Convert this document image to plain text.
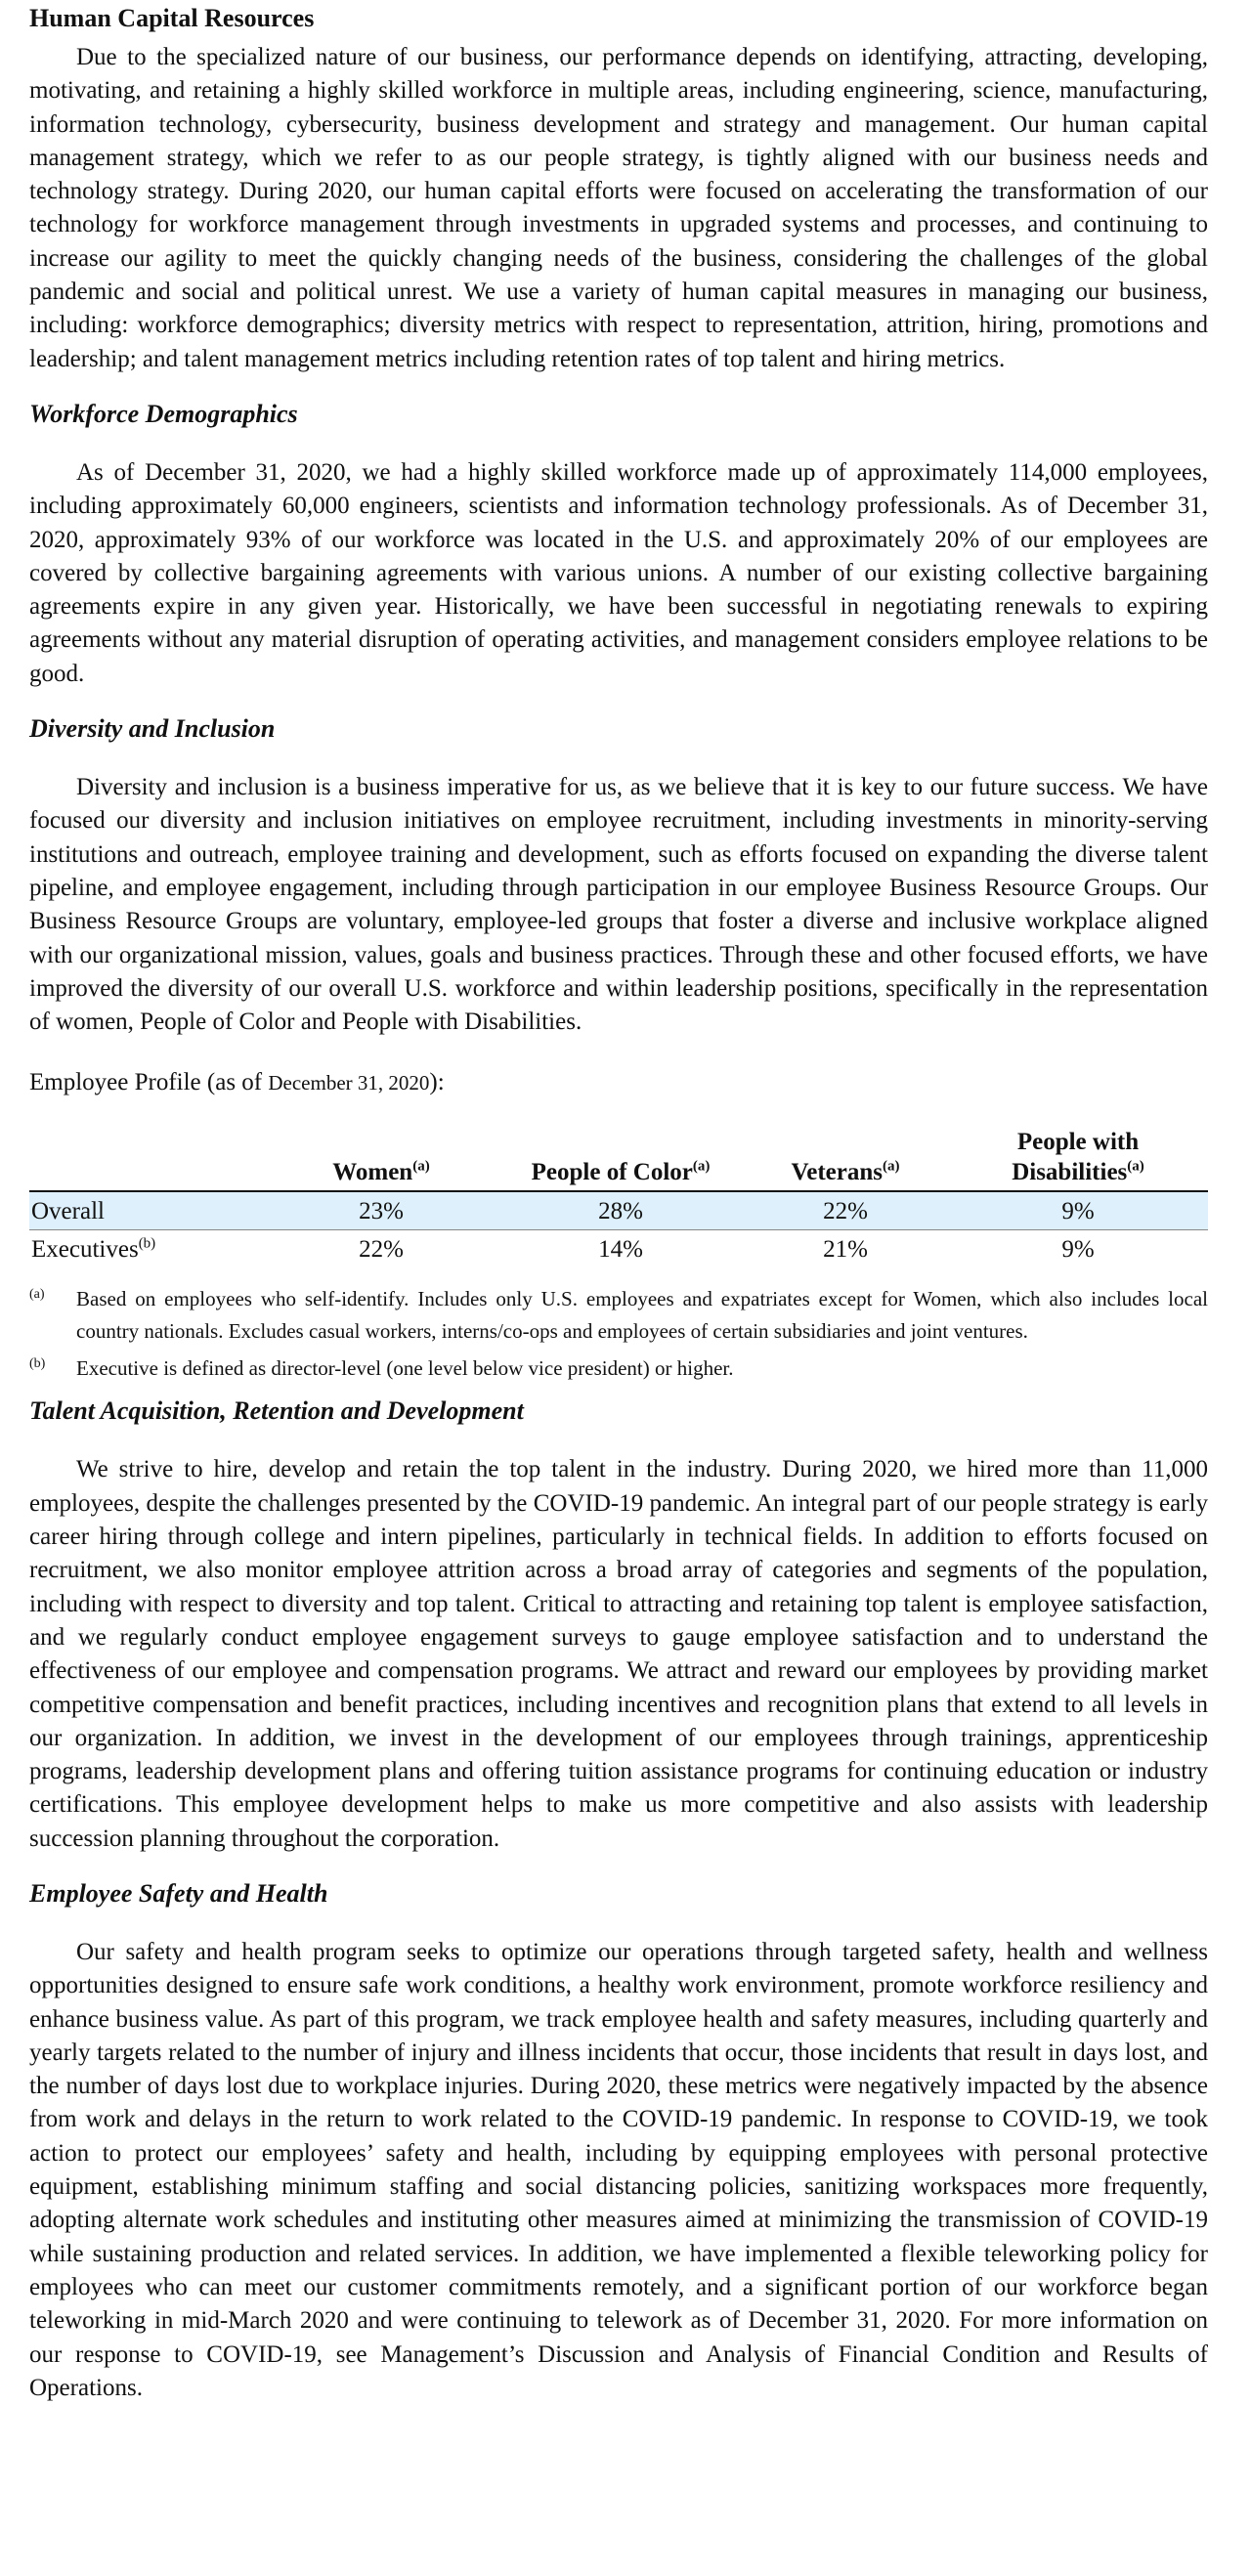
Human Capital Resources

Due to the specialized nature of our business, our performance depends on identifying, attracting, developing, motivating, and retaining a highly skilled workforce in multiple areas, including engineering, science, manufacturing, information technology, cybersecurity, business development and strategy and management. Our human capital management strategy, which we refer to as our people strategy, is tightly aligned with our business needs and technology strategy. During 2020, our human capital efforts were focused on accelerating the transformation of our technology for workforce management through investments in upgraded systems and processes, and continuing to increase our agility to meet the quickly changing needs of the business, considering the challenges of the global pandemic and social and political unrest. We use a variety of human capital measures in managing our business, including: workforce demographics; diversity metrics with respect to representation, attrition, hiring, promotions and leadership; and talent management metrics including retention rates of top talent and hiring metrics.

Workforce Demographics

As of December 31, 2020, we had a highly skilled workforce made up of approximately 114,000 employees, including approximately 60,000 engineers, scientists and information technology professionals. As of December 31, 2020, approximately 93% of our workforce was located in the U.S. and approximately 20% of our employees are covered by collective bargaining agreements with various unions. A number of our existing collective bargaining agreements expire in any given year. Historically, we have been successful in negotiating renewals to expiring agreements without any material disruption of operating activities, and management considers employee relations to be good.

Diversity and Inclusion

Diversity and inclusion is a business imperative for us, as we believe that it is key to our future success. We have focused our diversity and inclusion initiatives on employee recruitment, including investments in minority-serving institutions and outreach, employee training and development, such as efforts focused on expanding the diverse talent pipeline, and employee engagement, including through participation in our employee Business Resource Groups. Our Business Resource Groups are voluntary, employee-led groups that foster a diverse and inclusive workplace aligned with our organizational mission, values, goals and business practices. Through these and other focused efforts, we have improved the diversity of our overall U.S. workforce and within leadership positions, specifically in the representation of women, People of Color and People with Disabilities.

Employee Profile (as of December 31, 2020):

	Women$^{(a)}$	People of Color$^{(a)}$	Veterans$^{(a)}$	People with
Disabilities$^{(a)}$
Overall	23%	28%	22%	9%
Executives$^{(b)}$	22%	14%	21%	9%
(a)	Based on employees who self-identify. Includes only U.S. employees and expatriates except for Women, which also includes local country nationals. Excludes casual workers, interns/co-ops and employees of certain subsidiaries and joint ventures.
(b)	Executive is defined as director-level (one level below vice president) or higher.
Talent Acquisition, Retention and Development

We strive to hire, develop and retain the top talent in the industry. During 2020, we hired more than 11,000 employees, despite the challenges presented by the COVID-19 pandemic. An integral part of our people strategy is early career hiring through college and intern pipelines, particularly in technical fields. In addition to efforts focused on recruitment, we also monitor employee attrition across a broad array of categories and segments of the population, including with respect to diversity and top talent. Critical to attracting and retaining top talent is employee satisfaction, and we regularly conduct employee engagement surveys to gauge employee satisfaction and to understand the effectiveness of our employee and compensation programs. We attract and reward our employees by providing market competitive compensation and benefit practices, including incentives and recognition plans that extend to all levels in our organization. In addition, we invest in the development of our employees through trainings, apprenticeship programs, leadership development plans and offering tuition assistance programs for continuing education or industry certifications. This employee development helps to make us more competitive and also assists with leadership succession planning throughout the corporation.

Employee Safety and Health

Our safety and health program seeks to optimize our operations through targeted safety, health and wellness opportunities designed to ensure safe work conditions, a healthy work environment, promote workforce resiliency and enhance business value. As part of this program, we track employee health and safety measures, including quarterly and yearly targets related to the number of injury and illness incidents that occur, those incidents that result in days lost, and the number of days lost due to workplace injuries. During 2020, these metrics were negatively impacted by the absence from work and delays in the return to work related to the COVID-19 pandemic. In response to COVID-19, we took action to protect our employees’ safety and health, including by equipping employees with personal protective equipment, establishing minimum staffing and social distancing policies, sanitizing workspaces more frequently, adopting alternate work schedules and instituting other measures aimed at minimizing the transmission of COVID-19 while sustaining production and related services. In addition, we have implemented a flexible teleworking policy for employees who can meet our customer commitments remotely, and a significant portion of our workforce began teleworking in mid-March 2020 and were continuing to telework as of December 31, 2020. For more information on our response to COVID-19, see Management’s Discussion and Analysis of Financial Condition and Results of Operations.
